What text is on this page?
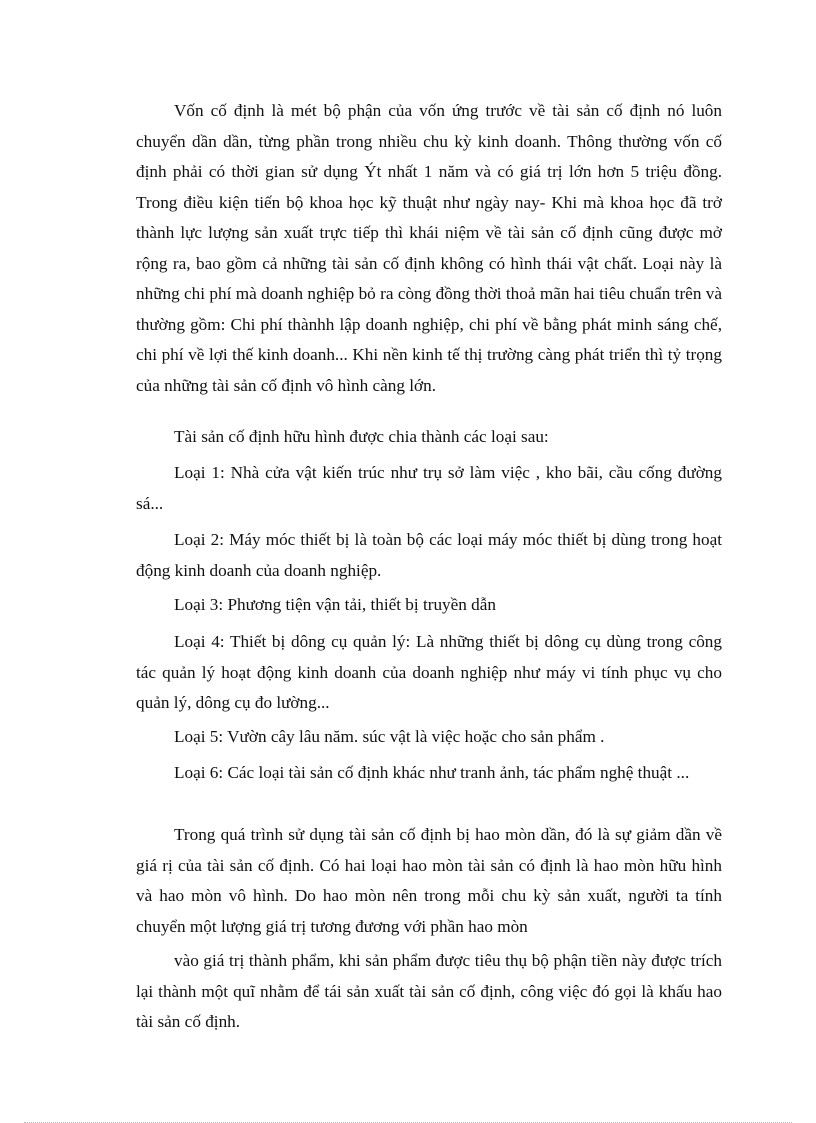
Vốn cố định là mét bộ phận của vốn ứng trước về tài sản cố định nó luôn chuyển dần dần, từng phần trong nhiều chu kỳ kinh doanh. Thông thường vốn cố định phải có thời gian sử dụng Ýt nhất 1 năm và có giá trị lớn hơn 5 triệu đồng. Trong điều kiện tiến bộ khoa học kỹ thuật như ngày nay- Khi mà khoa học đã trở thành lực lượng sản xuất trực tiếp thì khái niệm về tài sản cố định cũng được mở rộng ra, bao gồm cả những tài sản cố định không có hình thái vật chất. Loại này là những chi phí mà doanh nghiệp bỏ ra còng đồng thời thoả mãn hai tiêu chuẩn trên và thường gồm: Chi phí thànhh lập doanh nghiệp, chi phí về bằng phát minh sáng chế, chi phí về lợi thế kinh doanh... Khi nền kinh tế thị trường càng phát triển thì tỷ trọng của những tài sản cố định vô hình càng lớn.

Tài sản cố định hữu hình được chia thành các loại sau:

Loại 1: Nhà cửa vật kiến trúc như trụ sở làm việc , kho bãi, cầu cống đường sá...

Loại 2: Máy móc thiết bị là toàn bộ các loại máy móc thiết bị dùng trong hoạt động kinh doanh của doanh nghiệp.

Loại 3: Phương tiện vận tải, thiết bị truyền dẫn

Loại 4: Thiết bị dông cụ quản lý: Là những thiết bị dông cụ dùng trong công tác quản lý hoạt động kinh doanh của doanh nghiệp như máy vi tính phục vụ cho quản lý, dông cụ đo lường...

Loại 5: Vườn cây lâu năm. súc vật là việc hoặc cho sản phẩm .

Loại 6: Các loại tài sản cố định khác như tranh ảnh, tác phẩm nghệ thuật ...

Trong quá trình sử dụng tài sản cố định bị hao mòn dần, đó là sự giảm dần về giá rị của tài sản cố định. Có hai loại hao mòn tài sản có định là hao mòn hữu hình và hao mòn vô hình. Do hao mòn nên trong mỗi chu kỳ sản xuất, người ta tính chuyển một lượng giá trị tương đương với phần hao mòn

vào giá trị thành phẩm, khi sản phẩm được tiêu thụ bộ phận tiền này được trích lại thành một quĩ nhằm để tái sản xuất tài sản cố định, công việc đó gọi là khấu hao tài sản cố định.
